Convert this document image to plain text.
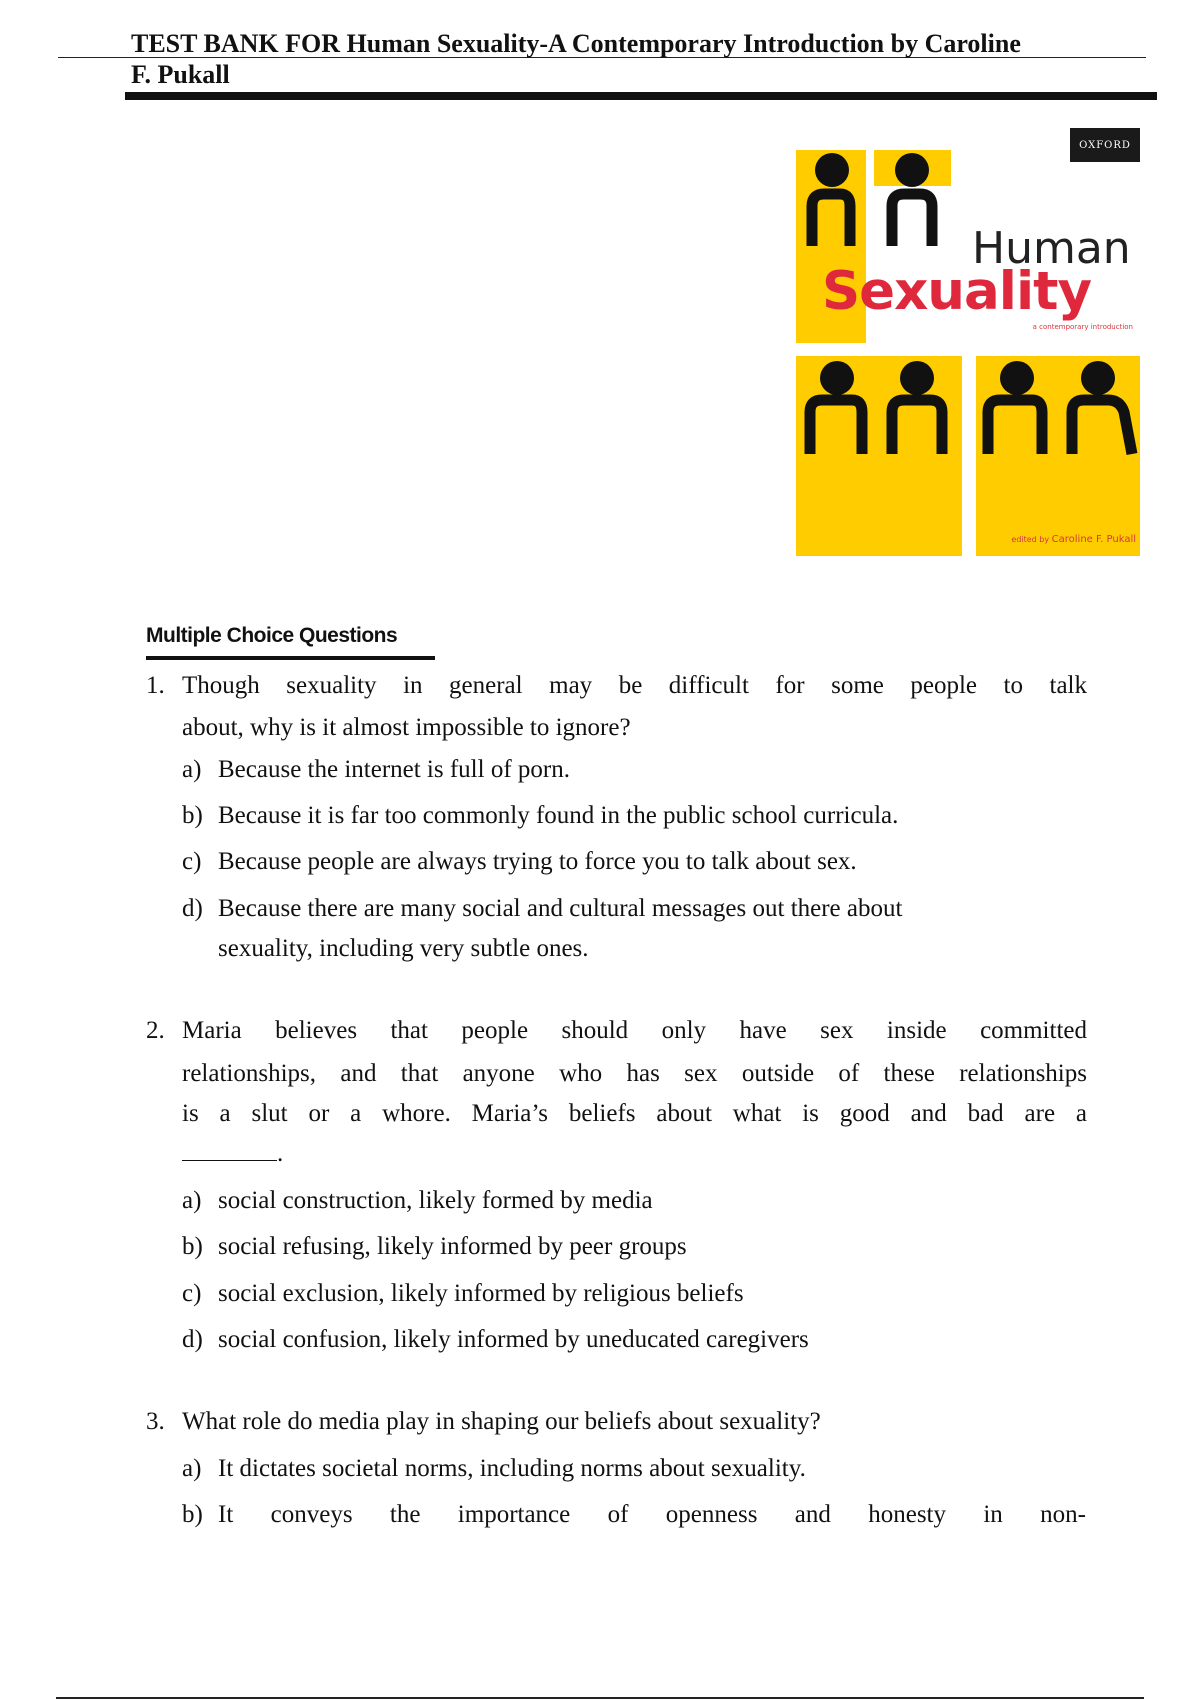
TEST BANK FOR Human Sexuality-A Contemporary Introduction by Caroline
F. Pukall
OXFORD
Human
Sexuality
a contemporary introduction
edited by Caroline F. Pukall
Multiple Choice Questions
1. Though sexuality in general may be difficult for some people to talk
about, why is it almost impossible to ignore?
a) Because the internet is full of porn.
b) Because it is far too commonly found in the public school curricula.
c) Because people are always trying to force you to talk about sex.
d) Because there are many social and cultural messages out there about
sexuality, including very subtle ones.
2. Maria believes that people should only have sex inside committed
relationships, and that anyone who has sex outside of these relationships
is a slut or a whore. Maria’s beliefs about what is good and bad are a
.
a) social construction, likely formed by media
b) social refusing, likely informed by peer groups
c) social exclusion, likely informed by religious beliefs
d) social confusion, likely informed by uneducated caregivers
3. What role do media play in shaping our beliefs about sexuality?
a) It dictates societal norms, including norms about sexuality.
b) It conveys the importance of openness and honesty in non-
